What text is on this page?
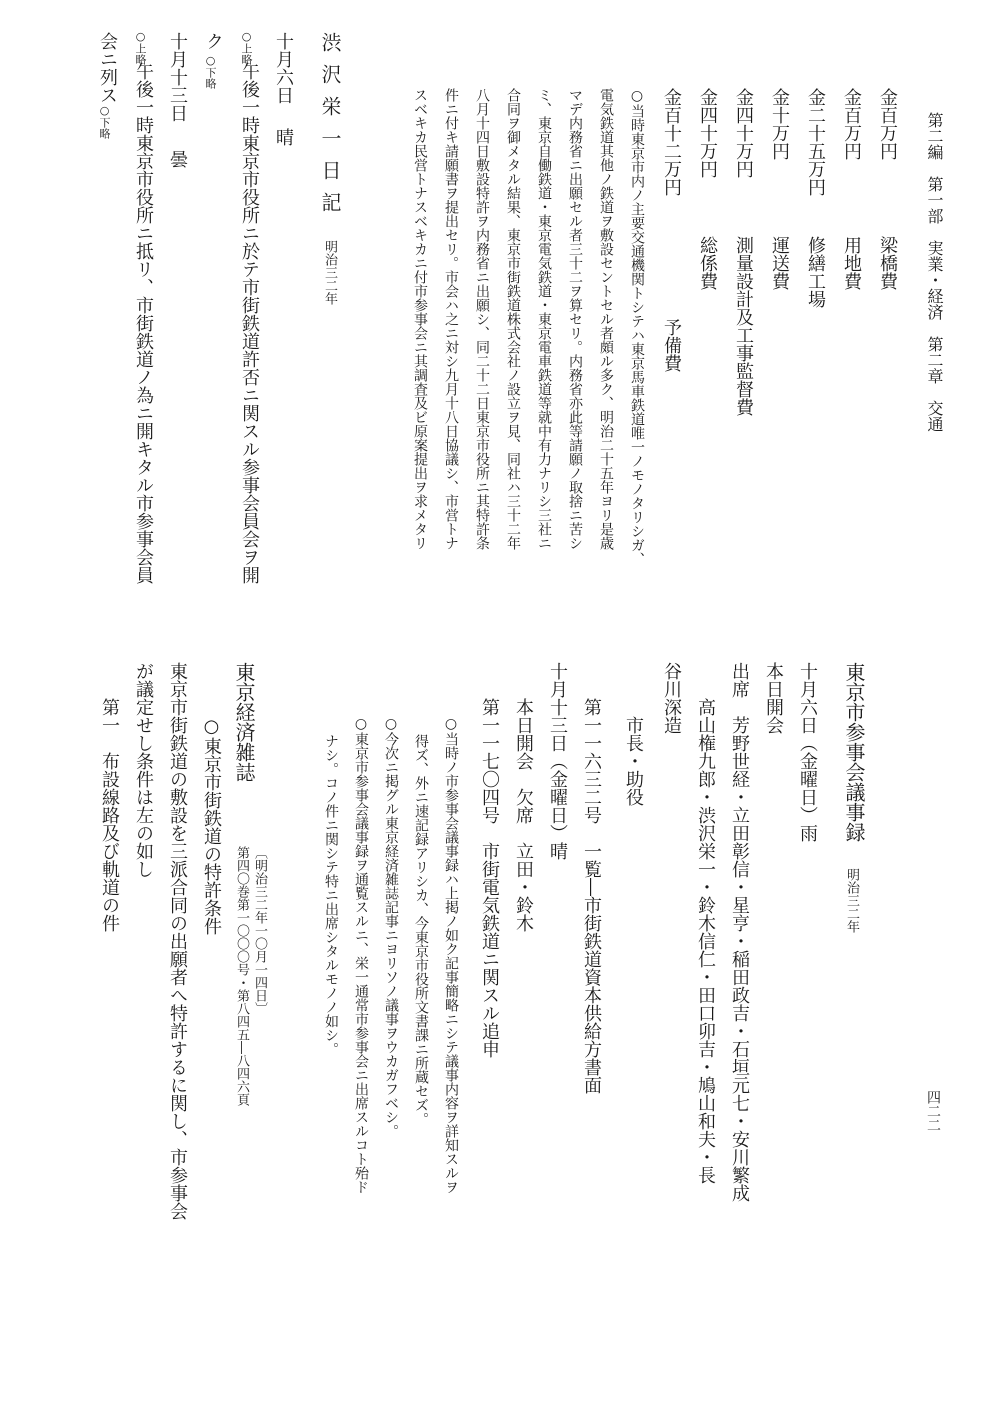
第二編　第一部　実業・経済　第二章　交通
四二二
金百万円
梁橋費
金百万円
用地費
金二十五万円
修繕工場
金十万円
運送費
金四十万円
測量設計及工事監督費
金四十万円
総係費
金百十二万円
予備費
○当時東京市内ノ主要交通機関トシテハ東京馬車鉄道唯一ノモノタリシガ、
電気鉄道其他ノ鉄道ヲ敷設セントセル者頗ル多ク、明治二十五年ヨリ是歳
マデ内務省ニ出願セル者三十二ヲ算セリ。内務省亦此等請願ノ取捨ニ苦シ
ミ、東京自働鉄道・東京電気鉄道・東京電車鉄道等就中有力ナリシ三社ニ
合同ヲ御メタル結果、東京市街鉄道株式会社ノ設立ヲ見、同社ハ三十二年
八月十四日敷設特許ヲ内務省ニ出願シ、同二十二日東京市役所ニ其特許条
件ニ付キ請願書ヲ提出セリ。市会ハ之ニ対シ九月十八日協議シ、市営トナ
スベキカ民営トナスベキカニ付市参事会ニ其調査及ビ原案提出ヲ求メタリ
渋沢栄一日記
明治三二年
十月六日
晴
○上略
午後一時東京市役所ニ於テ市街鉄道許否ニ関スル参事会員会ヲ開
ク
○下略
十月十三日
曇
○上略
午後一時東京市役所ニ抵リ、市街鉄道ノ為ニ開キタル市参事会員
会ニ列ス
○下略
東京市参事会議事録
明治三二年
十月六日（金曜日）雨
本日開会
出席　芳野世経・立田彰信・星亨・稲田政吉・石垣元七・安川繁成
高山権九郎・渋沢栄一・鈴木信仁・田口卯吉・鳩山和夫・長
谷川深造
市長・助役
第一一六三二号　一覧―市街鉄道資本供給方書面
十月十三日（金曜日）晴
本日開会　欠席　立田・鈴木
第一一七〇四号　市街電気鉄道ニ関スル追申
○当時ノ市参事会議事録ハ上掲ノ如ク記事簡略ニシテ議事内容ヲ詳知スルヲ
得ズ、外ニ速記録アリシカ、今東京市役所文書課ニ所蔵セズ。
○今次ニ掲グル東京経済雑誌記事ニヨリソノ議事ヲウカガフベシ。
○東京市参事会議事録ヲ通覧スルニ、栄一通常市参事会ニ出席スルコト殆ド
ナシ。コノ件ニ関シテ特ニ出席シタルモノノ如シ。
東京経済雑誌
第四〇巻第一〇〇〇号・第八四五―八四六頁 〔明治三二年一〇月一四日〕
○東京市街鉄道の特許条件
東京市街鉄道の敷設を三派合同の出願者へ特許するに関し、市参事会
が議定せし条件は左の如し
第一　布設線路及び軌道の件
